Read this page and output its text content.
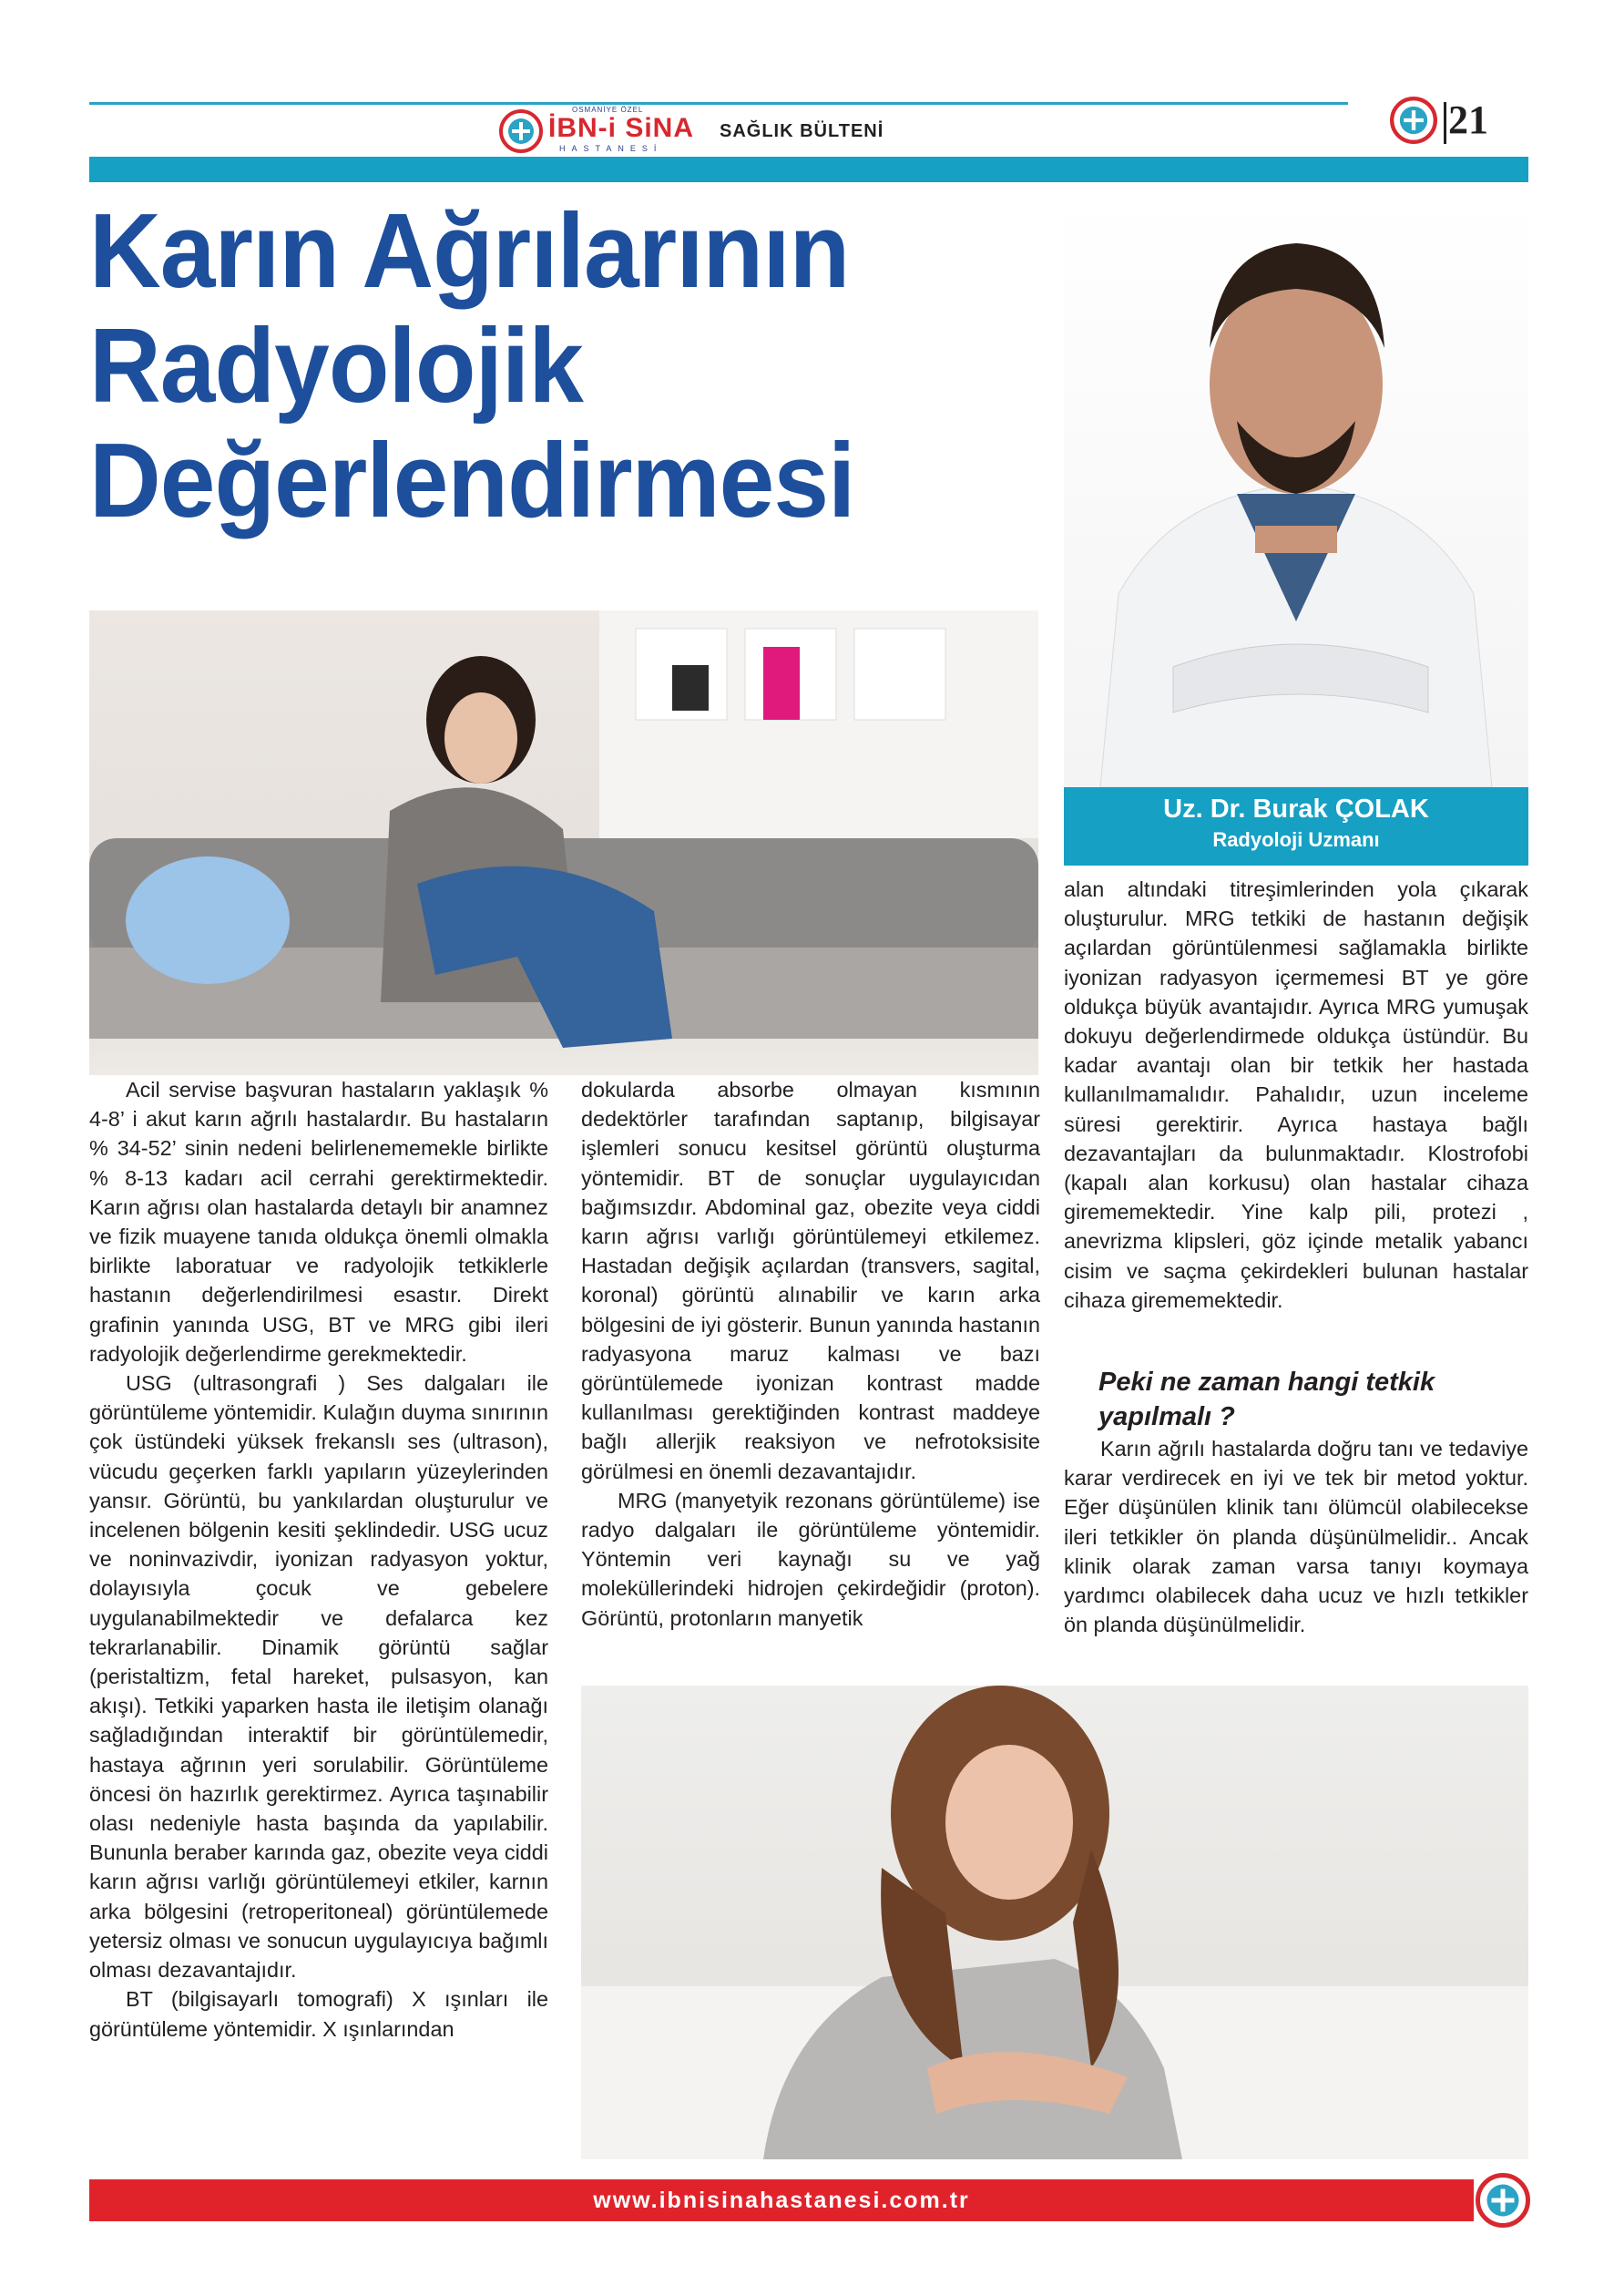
OSMANİYE ÖZEL
İBN-i SiNA
HASTANESİ
SAĞLIK BÜLTENİ	21
Karın Ağrılarının
Radyolojik
Değerlendirmesi
Uz. Dr. Burak ÇOLAK
Radyoloji Uzmanı

Acil servise başvuran hastaların yaklaşık % 4-8’ i akut karın ağrılı hastalardır. Bu hastaların % 34-52’ sinin nedeni belirlenememekle birlikte % 8-13 kadarı acil cerrahi gerektirmektedir. Karın ağrısı olan hastalarda detaylı bir anamnez ve fizik muayene tanıda oldukça önemli olmakla birlikte laboratuar ve radyolojik tetkiklerle hastanın değerlendirilmesi esastır. Direkt grafinin yanında USG, BT ve MRG gibi ileri radyolojik değerlendirme gerekmektedir.

USG (ultrasongrafi ) Ses dalgaları ile görüntüleme yöntemidir. Kulağın duyma sınırının çok üstündeki yüksek frekanslı ses (ultrason), vücudu geçerken farklı yapıların yüzeylerinden yansır. Görüntü, bu yankılardan oluşturulur ve incelenen bölgenin kesiti şeklindedir. USG ucuz ve noninvazivdir, iyonizan radyasyon yoktur, dolayısıyla çocuk ve gebelere uygulanabilmektedir ve defalarca kez tekrarlanabilir. Dinamik görüntü sağlar (peristaltizm, fetal hareket, pulsasyon, kan akışı). Tetkiki yaparken hasta ile iletişim olanağı sağladığından interaktif bir görüntülemedir, hastaya ağrının yeri sorulabilir. Görüntüleme öncesi ön hazırlık gerektirmez. Ayrıca taşınabilir olası nedeniyle hasta başında da yapılabilir. Bununla beraber karında gaz, obezite veya ciddi karın ağrısı varlığı görüntülemeyi etkiler, karnın arka bölgesini (retroperitoneal) görüntülemede yetersiz olması ve sonucun uygulayıcıya bağımlı olması dezavantajıdır.

BT (bilgisayarlı tomografi) X ışınları ile görüntüleme yöntemidir. X ışınlarından

dokularda absorbe olmayan kısmının dedektörler tarafından saptanıp, bilgisayar işlemleri sonucu kesitsel görüntü oluşturma yöntemidir. BT de sonuçlar uygulayıcıdan bağımsızdır. Abdominal gaz, obezite veya ciddi karın ağrısı varlığı görüntülemeyi etkilemez. Hastadan değişik açılardan (transvers, sagital, koronal) görüntü alınabilir ve karın arka bölgesini de iyi gösterir. Bunun yanında hastanın radyasyona maruz kalması ve bazı görüntülemede iyonizan kontrast madde kullanılması gerektiğinden kontrast maddeye bağlı allerjik reaksiyon ve nefrotoksisite görülmesi en önemli dezavantajıdır.

MRG (manyetyik rezonans görüntüleme) ise radyo dalgaları ile görüntüleme yöntemidir. Yöntemin veri kaynağı su ve yağ moleküllerindeki hidrojen çekirdeğidir (proton). Görüntü, protonların manyetik

alan altındaki titreşimlerinden yola çıkarak oluşturulur. MRG tetkiki de hastanın değişik açılardan görüntülenmesi sağlamakla birlikte iyonizan radyasyon içermemesi BT ye göre oldukça büyük avantajıdır. Ayrıca MRG yumuşak dokuyu değerlendirmede oldukça üstündür. Bu kadar avantajı olan bir tetkik her hastada kullanılmamalıdır. Pahalıdır, uzun inceleme süresi gerektirir. Ayrıca hastaya bağlı dezavantajları da bulunmaktadır. Klostrofobi (kapalı alan korkusu) olan hastalar cihaza girememektedir. Yine kalp pili, protezi , anevrizma klipsleri, göz içinde metalik yabancı cisim ve saçma çekirdekleri bulunan hastalar cihaza girememektedir.

Peki ne zaman hangi tetkik yapılmalı ?

Karın ağrılı hastalarda doğru tanı ve tedaviye karar verdirecek en iyi ve tek bir metod yoktur. Eğer düşünülen klinik tanı ölümcül olabilecekse ileri tetkikler ön planda düşünülmelidir.. Ancak klinik olarak zaman varsa tanıyı koymaya yardımcı olabilecek daha ucuz ve hızlı tetkikler ön planda düşünülmelidir.

www.ibnisinahastanesi.com.tr
